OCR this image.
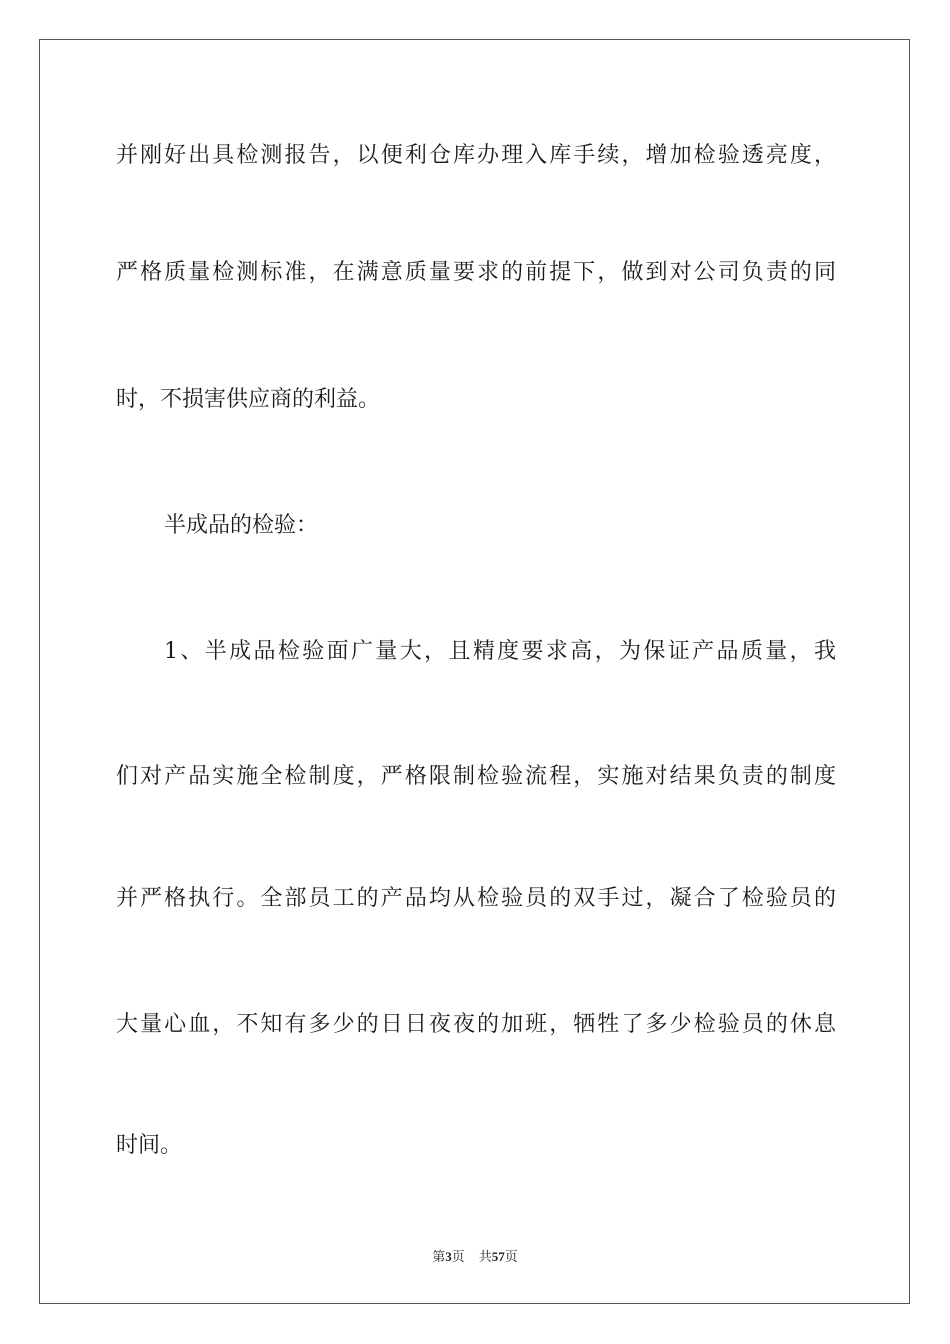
并刚好出具检测报告，以便利仓库办理入库手续，增加检验透亮度，
严格质量检测标准，在满意质量要求的前提下，做到对公司负责的同
时，不损害供应商的利益。
半成品的检验：
1、半成品检验面广量大，且精度要求高，为保证产品质量，我
们对产品实施全检制度，严格限制检验流程，实施对结果负责的制度
并严格执行。全部员工的产品均从检验员的双手过，凝合了检验员的
大量心血，不知有多少的日日夜夜的加班，牺牲了多少检验员的休息
时间。
第3页 共57页
